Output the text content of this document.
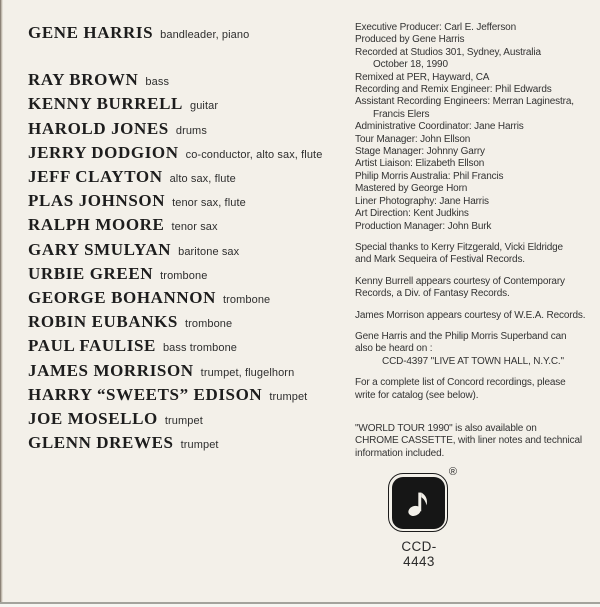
GENE HARRIS bandleader, piano
RAY BROWN bass
KENNY BURRELL guitar
HAROLD JONES drums
JERRY DODGION co-conductor, alto sax, flute
JEFF CLAYTON alto sax, flute
PLAS JOHNSON tenor sax, flute
RALPH MOORE tenor sax
GARY SMULYAN baritone sax
URBIE GREEN trombone
GEORGE BOHANNON trombone
ROBIN EUBANKS trombone
PAUL FAULISE bass trombone
JAMES MORRISON trumpet, flugelhorn
HARRY “SWEETS” EDISON trumpet
JOE MOSELLO trumpet
GLENN DREWES trumpet
Executive Producer: Carl E. Jefferson
Produced by Gene Harris
Recorded at Studios 301, Sydney, Australia
October 18, 1990
Remixed at PER, Hayward, CA
Recording and Remix Engineer: Phil Edwards
Assistant Recording Engineers: Merran Laginestra,
Francis Elers
Administrative Coordinator: Jane Harris
Tour Manager: John Ellson
Stage Manager: Johnny Garry
Artist Liaison: Elizabeth Ellson
Philip Morris Australia: Phil Francis
Mastered by George Horn
Liner Photography: Jane Harris
Art Direction: Kent Judkins
Production Manager: John Burk
Special thanks to Kerry Fitzgerald, Vicki Eldridge
and Mark Sequeira of Festival Records.
Kenny Burrell appears courtesy of Contemporary
Records, a Div. of Fantasy Records.
James Morrison appears courtesy of W.E.A. Records.
Gene Harris and the Philip Morris Superband can
also be heard on :
CCD-4397 "LIVE AT TOWN HALL, N.Y.C."
For a complete list of Concord recordings, please
write for catalog (see below).
"WORLD TOUR 1990" is also available on
CHROME CASSETTE, with liner notes and technical
information included.
®
CCD-4443
